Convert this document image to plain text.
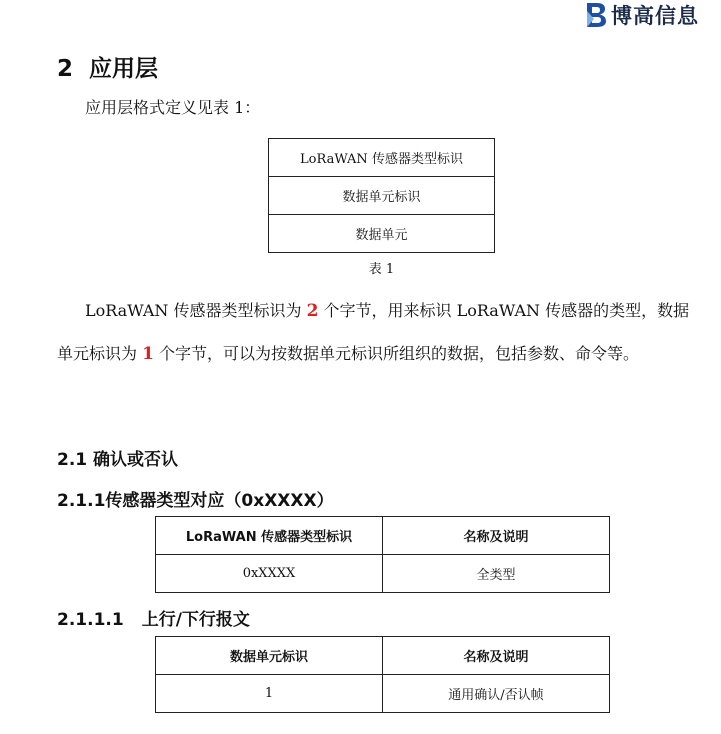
博高信息
2 应用层
应用层格式定义见表 1：
LoRaWAN 传感器类型标识
数据单元标识
数据单元
表 1
LoRaWAN 传感器类型标识为 2 个字节，用来标识 LoRaWAN 传感器的类型，数据
单元标识为 1 个字节，可以为按数据单元标识所组织的数据，包括参数、命令等。
2.1 确认或否认
2.1.1传感器类型对应（0xXXXX）
LoRaWAN 传感器类型标识	名称及说明
0xXXXX	全类型
2.1.1.1 上行/下行报文
数据单元标识	名称及说明
1	通用确认/否认帧
